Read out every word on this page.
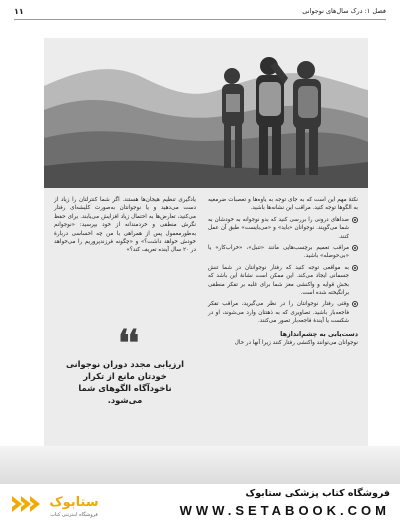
۱۱	فصل ۱: درک سال‌های نوجوانی

نکتهٔ مهم این است که به جای توجه به یاوه‌ها و تعصبات ضرمغیه به الگوها توجه کنید. مراقب این نشانه‌ها باشید.

صداهای درونی را بررسی کنید که بدو نوجوانه به خودشان به شما می‌گویند. نوجوانان «باید» و «می‌بایست» طبق آن عمل کنند.
مراقب تعمیم برچسب‌هایی مانند «تنبل»، «خراب‌کار» یا «بی‌حوصله» باشید.
به مواقعی توجه کنید که رفتار نوجوانتان در شما تنش جسمانی ایجاد می‌کند. این ممکن است نشانهٔ این باشد که بخش قوایه و واکنشی مغز شما برای غلبه بر تفکر منطقی برانگیخته شده است.
وقتی رفتار نوجوانتان را در نظر می‌گیرید، مراقب تفکر فاجعه‌بار باشید. تصاویری که به ذهنتان وارد می‌شوند، او در شکست یا آیندهٔ فاجعه‌بار تصور می‌کنند.
دست‌یابی به چشم‌اندازها

نوجوانان می‌توانند واکنشی رفتار کنند زیرا آنها در حال

یادگیری تنظیم هیجان‌ها هستند. اگر شما کنترلتان را زیاد از دست می‌دهید و یا نوجوانتان به‌صورت کلیشه‌ای رفتار می‌کنید، تعارض‌ها به احتمال زیاد افزایش می‌یابند. برای حفظ نگرش منطقی و خردمندانه از خود بپرسید: «نوجوانم به‌طورمعمول پس از همراهی با من چه احساسی دربارهٔ خودش خواهد داشت؟» و «چگونه فرزندپروریم را می‌خواهد در ۲۰ سال آینده تعریف کند؟»

❛❛
ارزیابی مجدد دوران نوجوانی خودتان مانع از تکرار ناخودآگاه الگوهای شما می‌شود.
ستابوک
فروشگاه اینترنتی کتاب
فروشگاه کتاب پزشکی ستابوک
WWW.SETABOOK.COM
